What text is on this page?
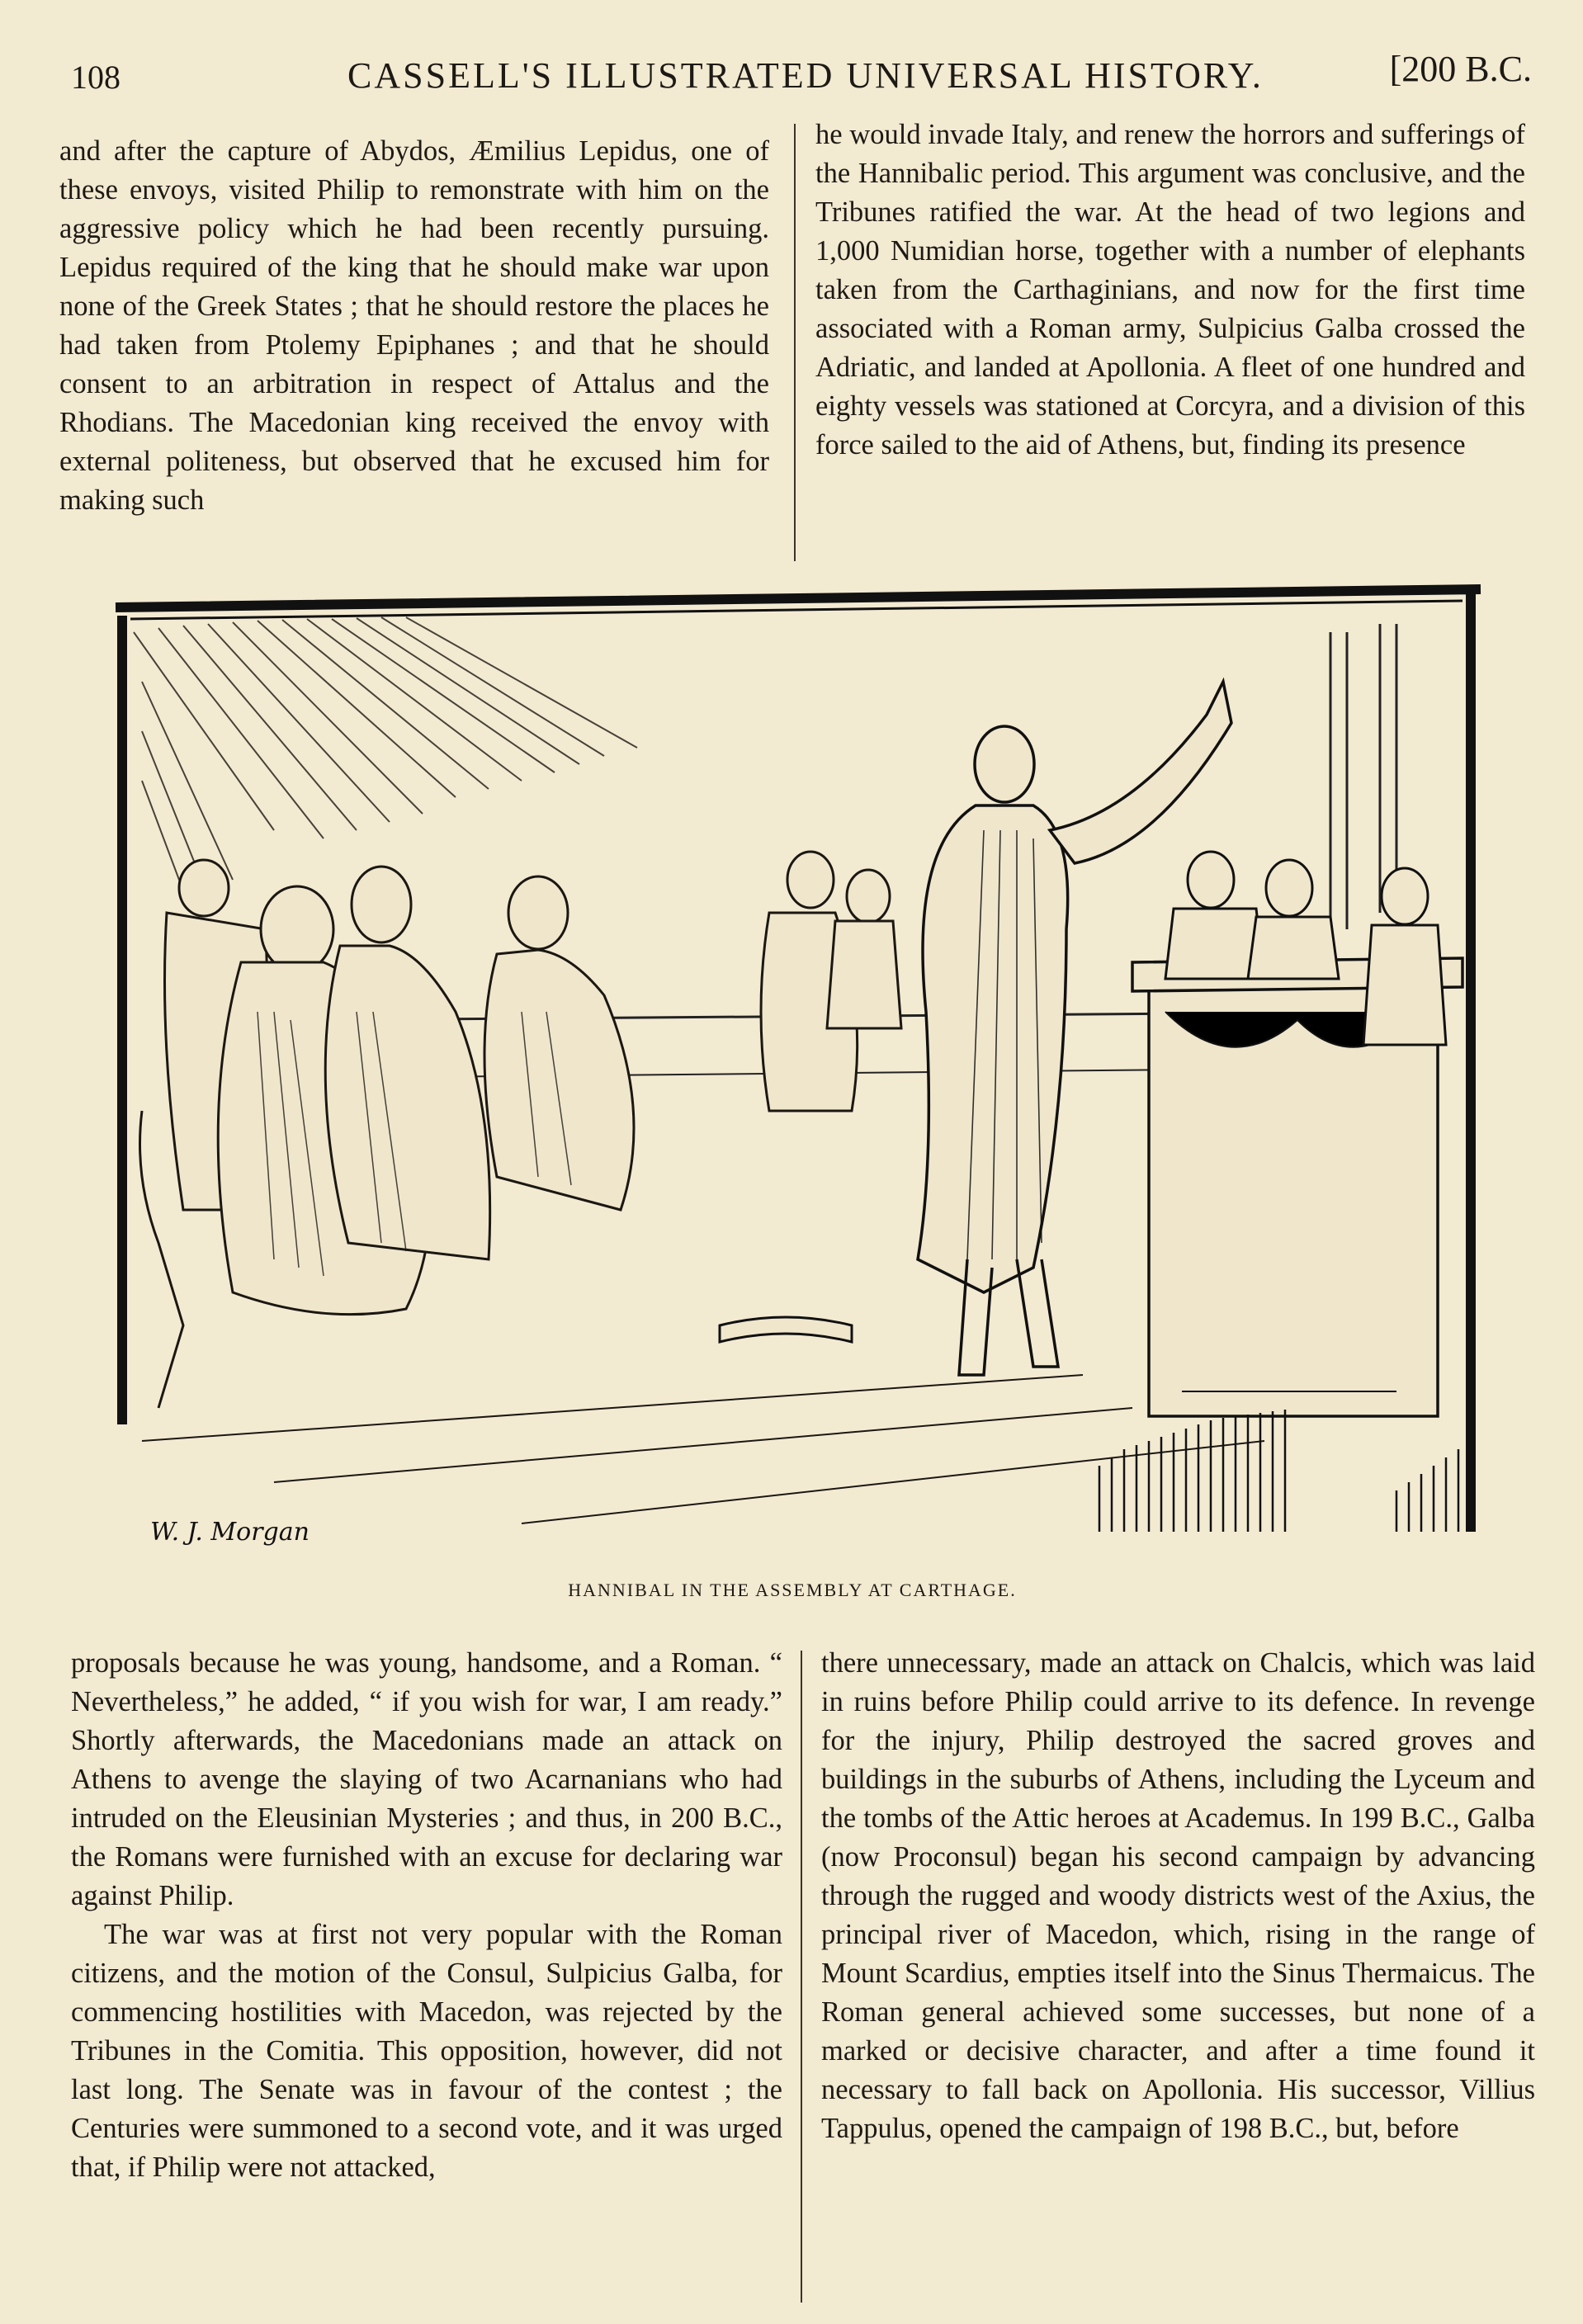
108	CASSELL'S ILLUSTRATED UNIVERSAL HISTORY.	[200 B.C.

and after the capture of Abydos, Æmilius Lepidus, one of these envoys, visited Philip to remonstrate with him on the aggressive policy which he had been recently pursuing. Lepidus required of the king that he should make war upon none of the Greek States ; that he should restore the places he had taken from Ptolemy Epiphanes ; and that he should consent to an arbitration in respect of Attalus and the Rhodians. The Macedonian king received the envoy with external politeness, but observed that he excused him for making such

he would invade Italy, and renew the horrors and sufferings of the Hannibalic period. This argument was conclusive, and the Tribunes ratified the war. At the head of two legions and 1,000 Numidian horse, together with a number of elephants taken from the Carthaginians, and now for the first time associated with a Roman army, Sulpicius Galba crossed the Adriatic, and landed at Apollonia. A fleet of one hundred and eighty vessels was stationed at Corcyra, and a division of this force sailed to the aid of Athens, but, finding its presence

W. J. Morgan
HANNIBAL IN THE ASSEMBLY AT CARTHAGE.

proposals because he was young, handsome, and a Roman. “ Nevertheless,” he added, “ if you wish for war, I am ready.” Shortly afterwards, the Macedonians made an attack on Athens to avenge the slaying of two Acarnanians who had intruded on the Eleusinian Mysteries ; and thus, in 200 B.C., the Romans were furnished with an excuse for declaring war against Philip.

The war was at first not very popular with the Roman citizens, and the motion of the Consul, Sulpicius Galba, for commencing hostilities with Macedon, was rejected by the Tribunes in the Comitia. This opposition, however, did not last long. The Senate was in favour of the contest ; the Centuries were summoned to a second vote, and it was urged that, if Philip were not attacked,

there unnecessary, made an attack on Chalcis, which was laid in ruins before Philip could arrive to its defence. In revenge for the injury, Philip destroyed the sacred groves and buildings in the suburbs of Athens, including the Lyceum and the tombs of the Attic heroes at Academus. In 199 B.C., Galba (now Proconsul) began his second campaign by advancing through the rugged and woody districts west of the Axius, the principal river of Macedon, which, rising in the range of Mount Scardius, empties itself into the Sinus Thermaicus. The Roman general achieved some successes, but none of a marked or decisive character, and after a time found it necessary to fall back on Apollonia. His successor, Villius Tappulus, opened the campaign of 198 B.C., but, before
